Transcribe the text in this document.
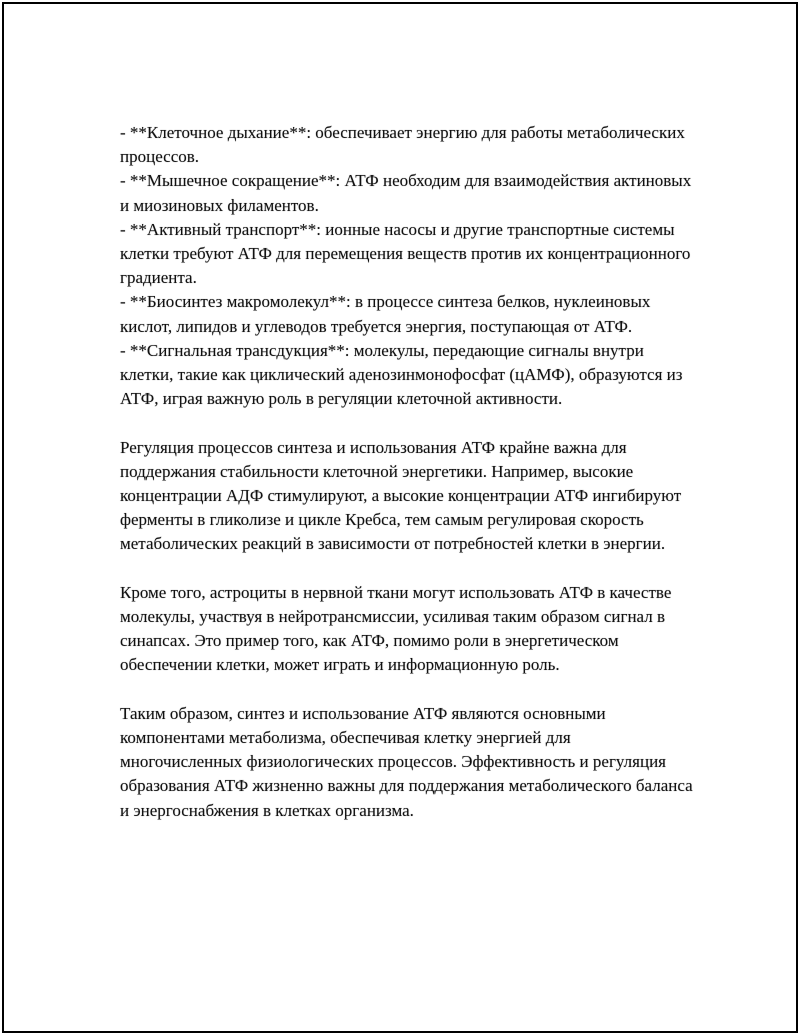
- **Клеточное дыхание**: обеспечивает энергию для работы метаболических процессов.

- **Мышечное сокращение**: АТФ необходим для взаимодействия актиновых и миозиновых филаментов.

- **Активный транспорт**: ионные насосы и другие транспортные системы клетки требуют АТФ для перемещения веществ против их концентрационного градиента.

- **Биосинтез макромолекул**: в процессе синтеза белков, нуклеиновых кислот, липидов и углеводов требуется энергия, поступающая от АТФ.

- **Сигнальная трансдукция**: молекулы, передающие сигналы внутри клетки, такие как циклический аденозинмонофосфат (цАМФ), образуются из АТФ, играя важную роль в регуляции клеточной активности.

Регуляция процессов синтеза и использования АТФ крайне важна для поддержания стабильности клеточной энергетики. Например, высокие концентрации АДФ стимулируют, а высокие концентрации АТФ ингибируют ферменты в гликолизе и цикле Кребса, тем самым регулировая скорость метаболических реакций в зависимости от потребностей клетки в энергии.

Кроме того, астроциты в нервной ткани могут использовать АТФ в качестве молекулы, участвуя в нейротрансмиссии, усиливая таким образом сигнал в синапсах. Это пример того, как АТФ, помимо роли в энергетическом обеспечении клетки, может играть и информационную роль.

Таким образом, синтез и использование АТФ являются основными компонентами метаболизма, обеспечивая клетку энергией для многочисленных физиологических процессов. Эффективность и регуляция образования АТФ жизненно важны для поддержания метаболического баланса и энергоснабжения в клетках организма.
